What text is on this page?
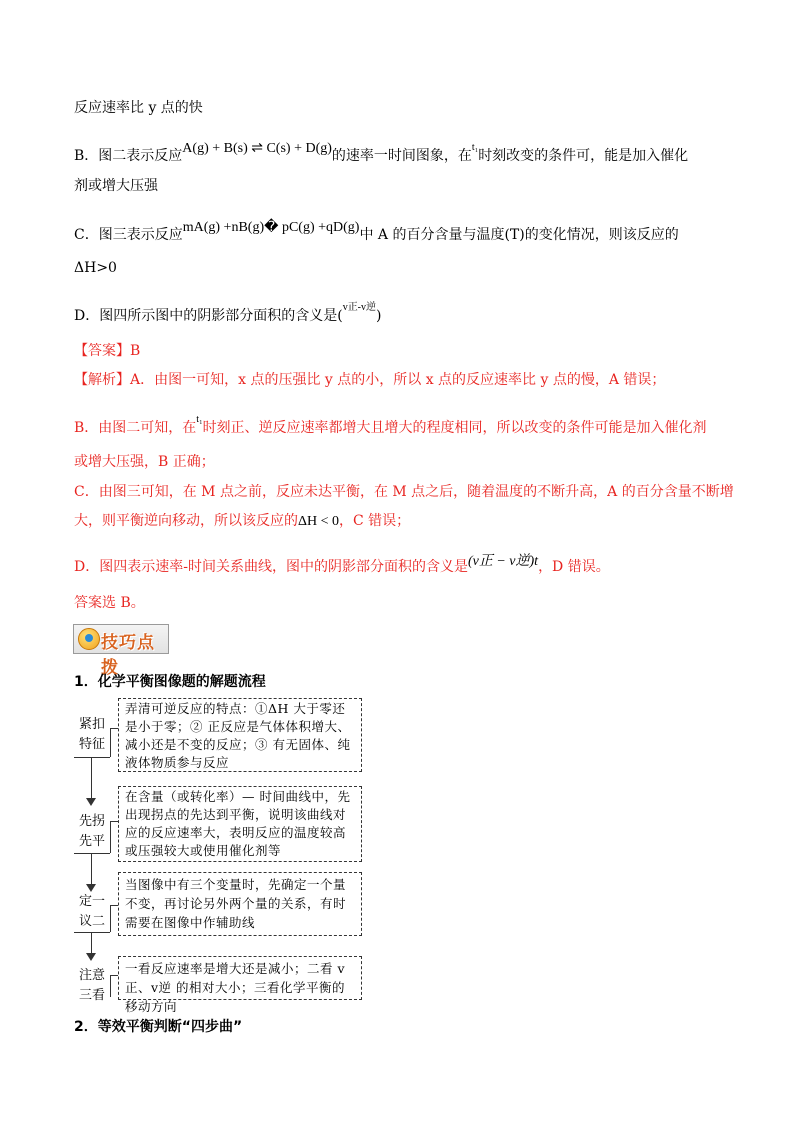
反应速率比 y 点的快
B．图二表示反应A(g) + B(s) ⇌ C(s) + D(g)的速率一时间图象，在$^{t_1}$时刻改变的条件可，能是加入催化
剂或增大压强
C．图三表示反应mA(g) +nB(g)� pC(g) +qD(g)中 A 的百分含量与温度(T)的变化情况，则该反应的
ΔH>0
D．图四所示图中的阴影部分面积的含义是($^{v正-v逆}$)
【答案】B
【解析】A．由图一可知，x 点的压强比 y 点的小，所以 x 点的反应速率比 y 点的慢，A 错误；
B．由图二可知，在$^{t_1}$时刻正、逆反应速率都增大且增大的程度相同，所以改变的条件可能是加入催化剂
或增大压强，B 正确；
C．由图三可知，在 M 点之前，反应未达平衡，在 M 点之后，随着温度的不断升高，A 的百分含量不断增
大，则平衡逆向移动，所以该反应的ΔH < 0，C 错误；
D．图四表示速率-时间关系曲线，图中的阴影部分面积的含义是(v正 − v逆)t，D 错误。
答案选 B。
技巧点拨
1．化学平衡图像题的解题流程
紧扣
特征
弄清可逆反应的特点：①ΔH 大于零还是小于零；② 正反应是气体体积增大、减小还是不变的反应；③ 有无固体、纯液体物质参与反应
先拐
先平
在含量（或转化率）— 时间曲线中，先出现拐点的先达到平衡，说明该曲线对应的反应速率大，表明反应的温度较高或压强较大或使用催化剂等
定一
议二
当图像中有三个变量时，先确定一个量不变，再讨论另外两个量的关系，有时需要在图像中作辅助线
注意
三看
一看反应速率是增大还是减小；二看 v正、v逆 的相对大小；三看化学平衡的移动方向
2．等效平衡判断“四步曲”
